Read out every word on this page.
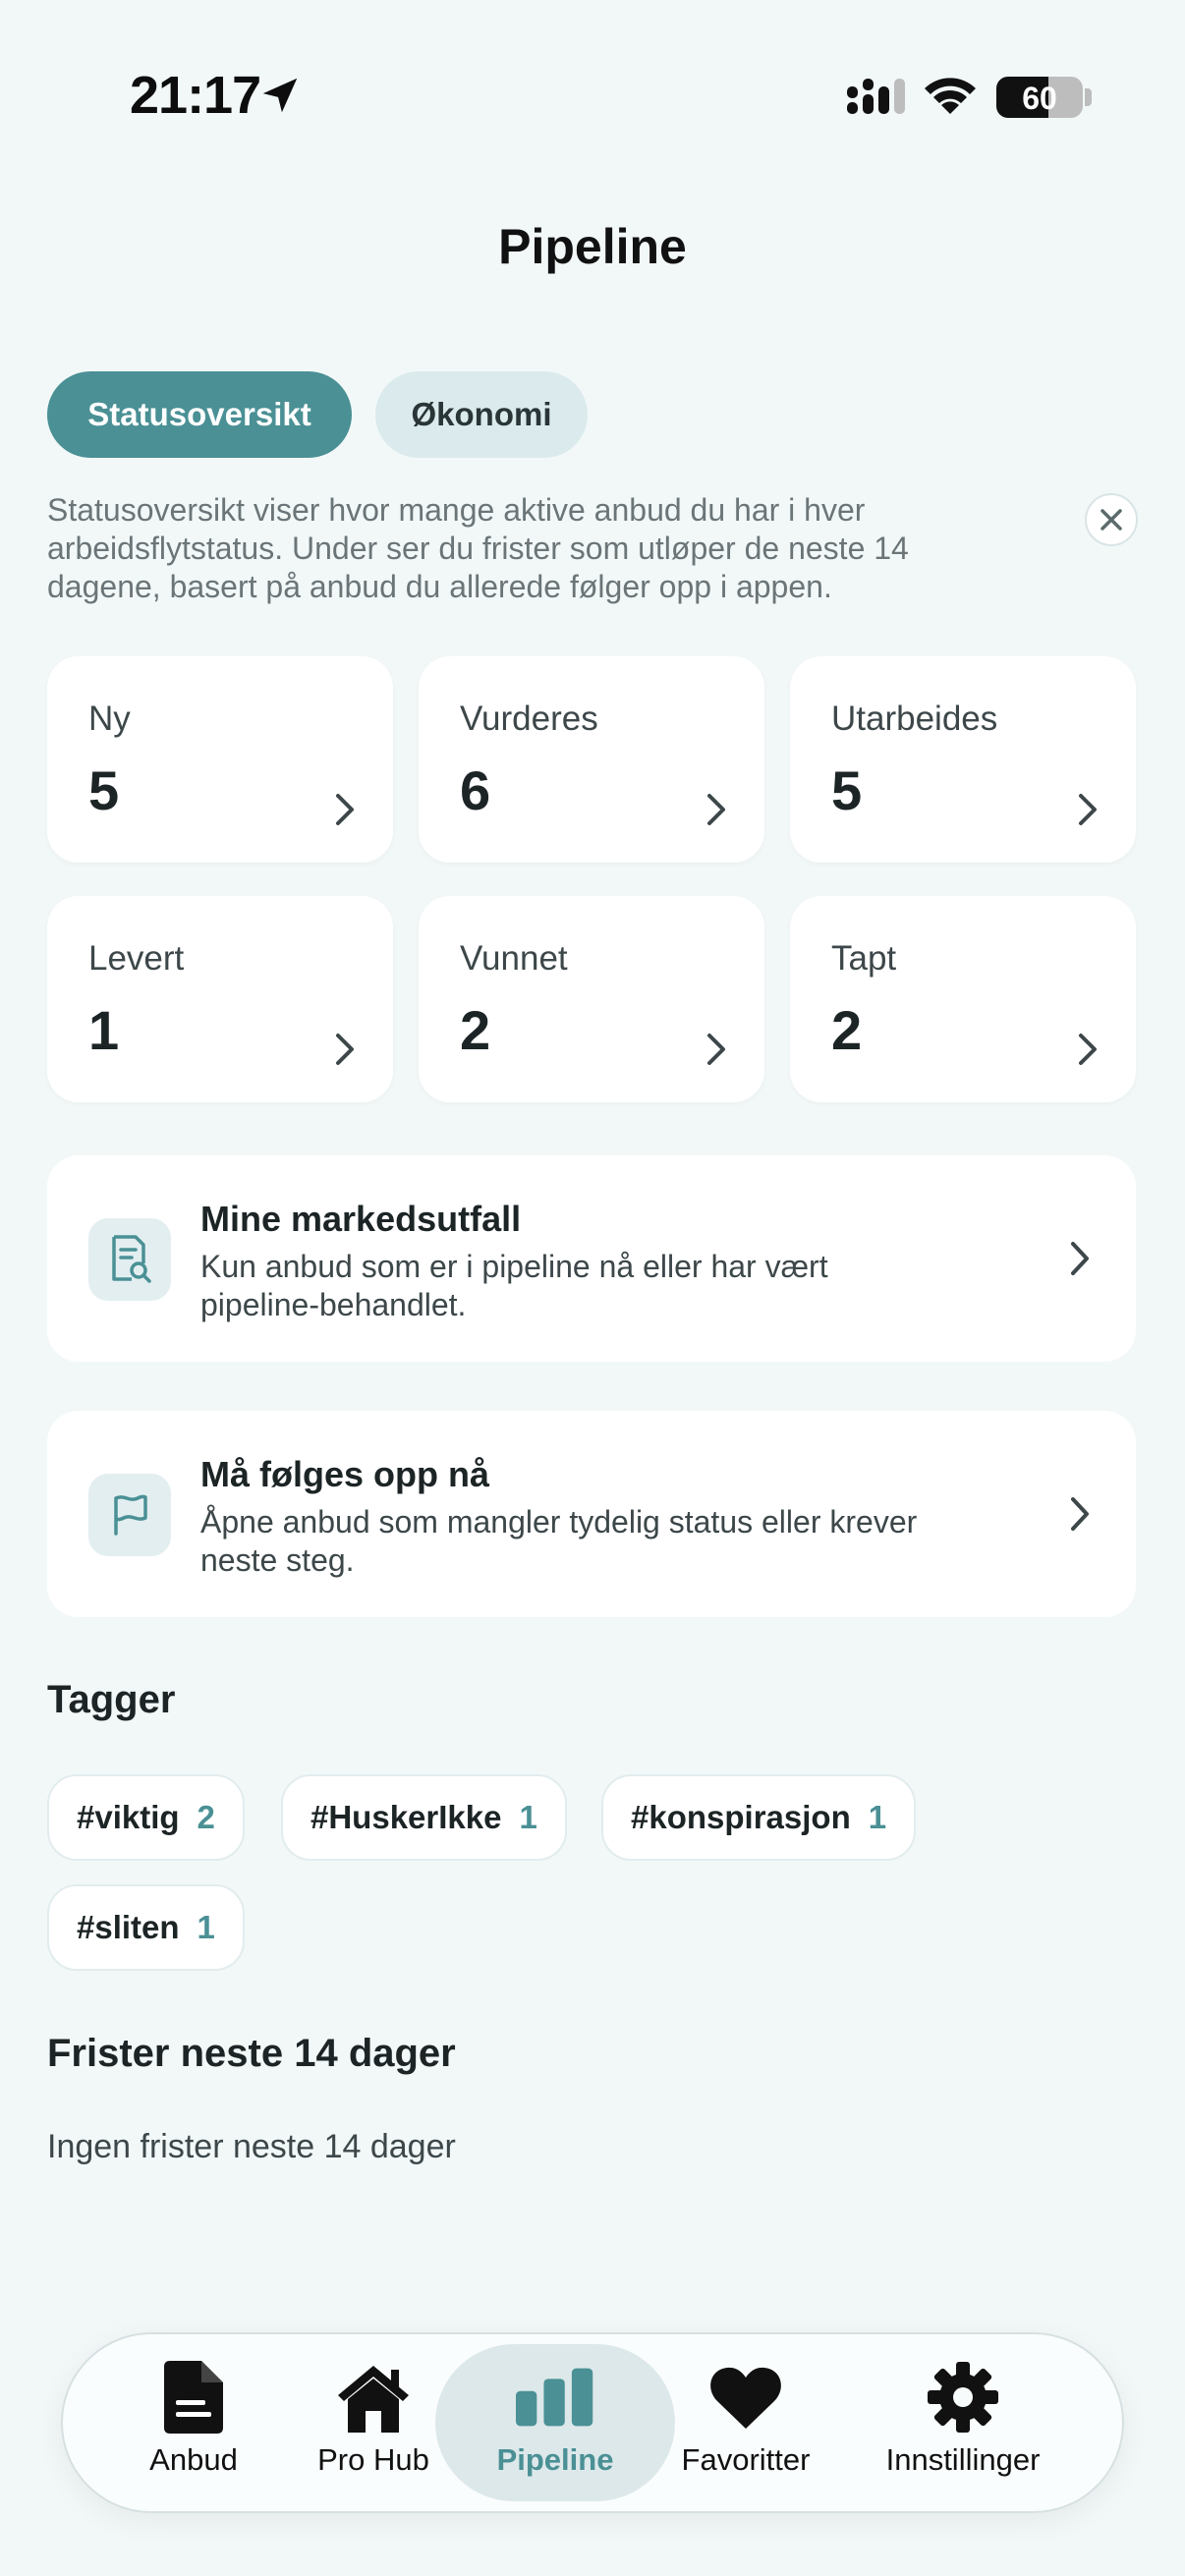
21:17	60
Pipeline
Statusoversikt	Økonomi

Statusoversikt viser hvor mange aktive anbud du har i hver arbeidsflytstatus. Under ser du frister som utløper de neste 14 dagene, basert på anbud du allerede følger opp i appen.

Ny
5
Vurderes
6
Utarbeides
5
Levert
1
Vunnet
2
Tapt
2
Mine markedsutfall
Kun anbud som er i pipeline nå eller har vært pipeline-behandlet.
Må følges opp nå
Åpne anbud som mangler tydelig status eller krever neste steg.
Tagger
#viktig 2	#HuskerIkke 1	#konspirasjon 1
#sliten 1
Frister neste 14 dager

Ingen frister neste 14 dager

Anbud	Pro Hub Pipeline Favoritter Innstillinger
